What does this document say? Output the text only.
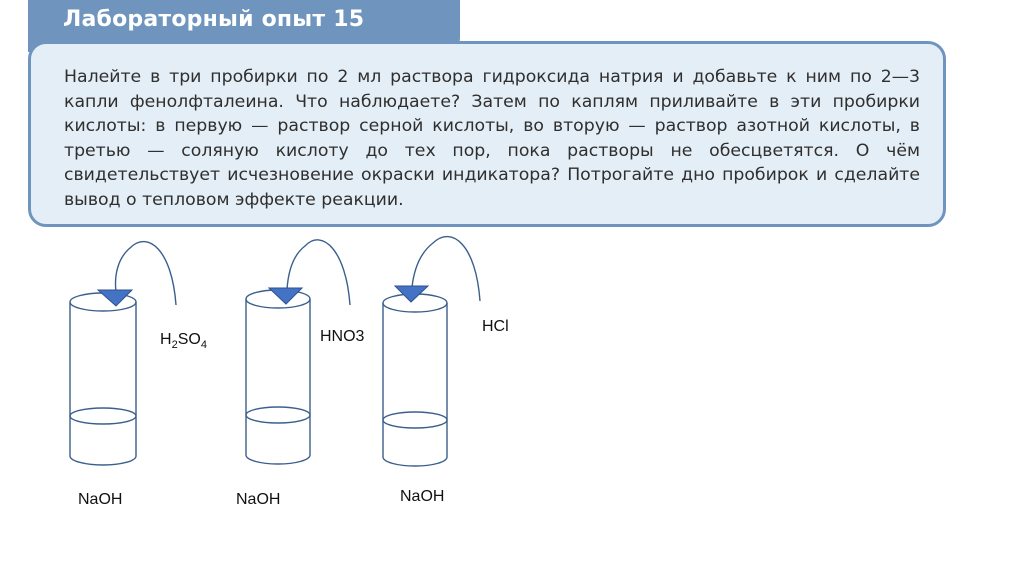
Лабораторный опыт 15

Налейте в три пробирки по 2 мл раствора гидроксида натрия и добавьте к ним по 2—3 капли фенолфталеина. Что наблюдаете? Затем по каплям приливайте в эти пробирки кислоты: в первую — раствор серной кислоты, во вторую — раствор азотной кислоты, в третью — соляную кислоту до тех пор, пока растворы не обесцветятся. О чём свидетельствует исчезновение окраски индикатора? Потрогайте дно пробирок и сделайте вывод о тепловом эффекте реакции.

$H_2SO_4$
HNO3
HCl
NaOH	NaOH	NaOH
